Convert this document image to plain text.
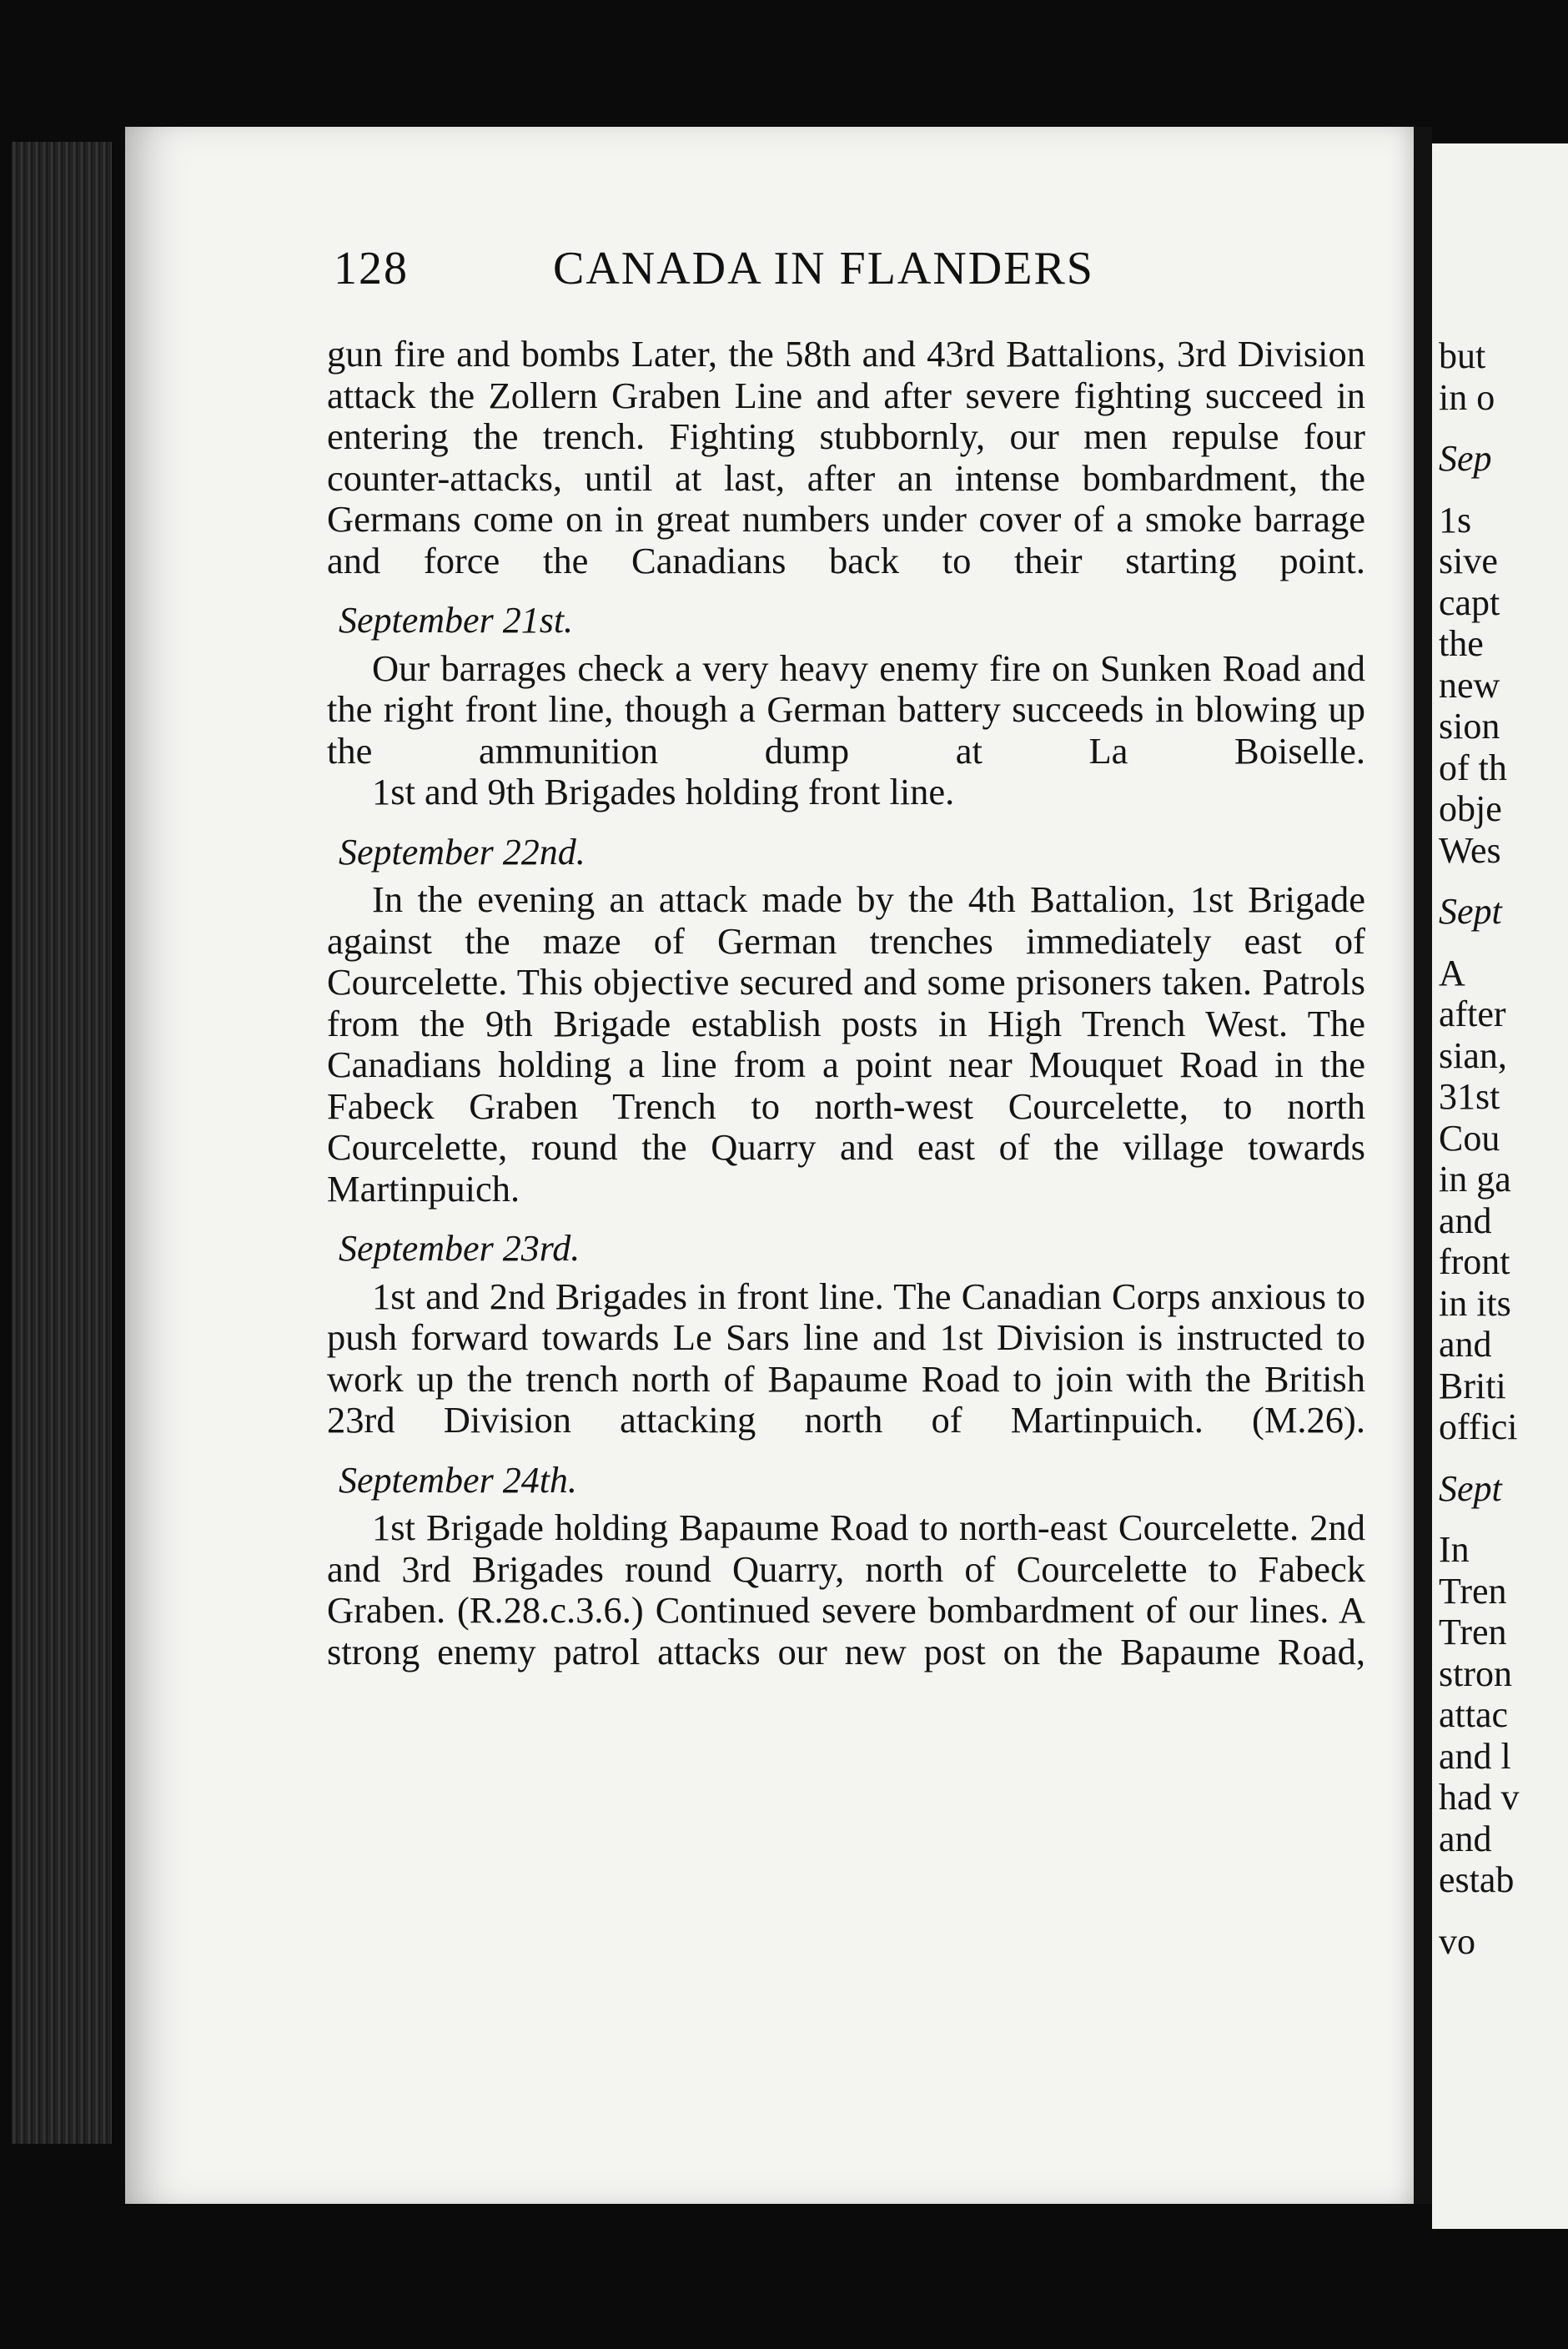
128	CANADA IN FLANDERS

gun fire and bombs Later, the 58th and 43rd Battalions, 3rd Division attack the Zollern Graben Line and after severe fighting succeed in entering the trench. Fighting stubbornly, our men repulse four counter-attacks, until at last, after an intense bombardment, the Germans come on in great numbers under cover of a smoke barrage and force the Canadians back to their starting point.

September 21st.

Our barrages check a very heavy enemy fire on Sunken Road and the right front line, though a German battery succeeds in blowing up the ammunition dump at La Boiselle.

1st and 9th Brigades holding front line.

September 22nd.

In the evening an attack made by the 4th Battalion, 1st Brigade against the maze of German trenches immediately east of Courcelette. This objective secured and some prisoners taken. Patrols from the 9th Brigade establish posts in High Trench West. The Canadians holding a line from a point near Mouquet Road in the Fabeck Graben Trench to north-west Courcelette, to north Courcelette, round the Quarry and east of the village towards Martinpuich.

September 23rd.

1st and 2nd Brigades in front line. The Canadian Corps anxious to push forward towards Le Sars line and 1st Division is instructed to work up the trench north of Bapaume Road to join with the British 23rd Division attacking north of Martinpuich. (M.26).

September 24th.

1st Brigade holding Bapaume Road to north-east Courcelette. 2nd and 3rd Brigades round Quarry, north of Courcelette to Fabeck Graben. (R.28.c.3.6.) Continued severe bombardment of our lines. A strong enemy patrol attacks our new post on the Bapaume Road,

but
in o
Sep
1s
sive
capt
the
new
sion
of th
obje
Wes
Sept
A
after
sian,
31st
Cou
in ga
and
front
in its
and
Briti
offici
Sept
In
Tren
Tren
stron
attac
and l
had v
and
estab
vo
